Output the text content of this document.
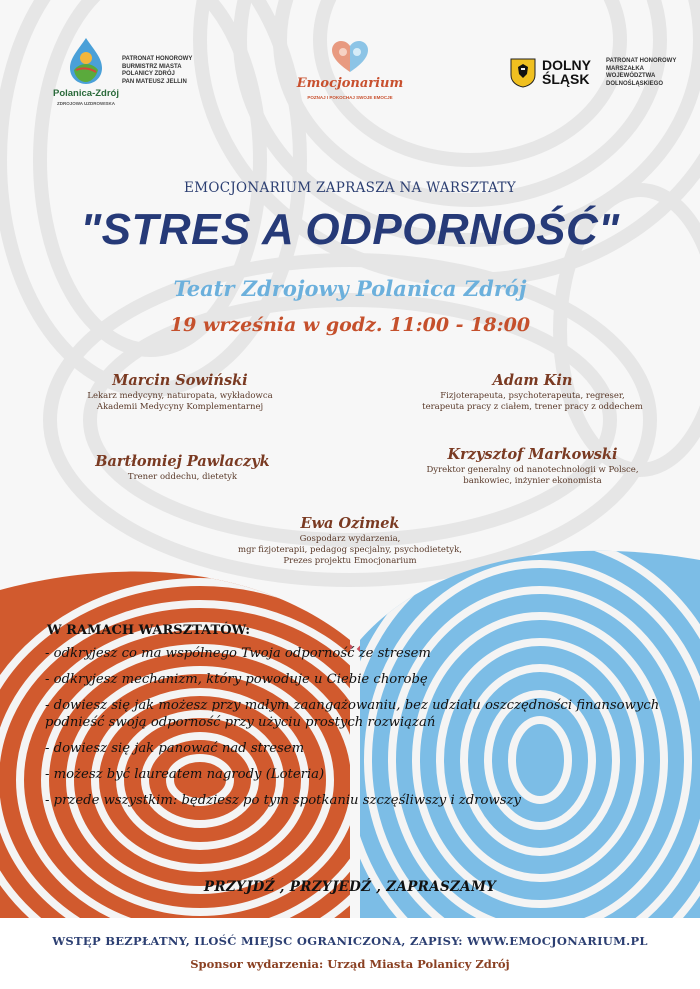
Polanica-Zdrój
ZDROJOWA UZDROWISKA
PATRONAT HONOROWY
BURMISTRZ MIASTA
POLANICY ZDRÓJ
PAN MATEUSZ JELLIN	Emocjonarium
POZNAJ I POKOCHAJ SWOJE EMOCJE
DOLNY
ŚLĄSK
PATRONAT HONOROWY
MARSZAŁKA
WOJEWÓDZTWA
DOLNOŚLĄSKIEGO
EMOCJONARIUM ZAPRASZA NA WARSZTATY
"STRES A ODPORNOŚĆ"
Teatr Zdrojowy Polanica Zdrój
19 września w godz. 11:00 - 18:00
Marcin Sowiński
Lekarz medycyny, naturopata, wykładowca
Akademii Medycyny Komplementarnej
Adam Kin
Fizjoterapeuta, psychoterapeuta, regreser,
terapeuta pracy z ciałem, trener pracy z oddechem
Bartłomiej Pawlaczyk
Trener oddechu, dietetyk
Krzysztof Markowski
Dyrektor generalny od nanotechnologii w Polsce,
bankowiec, inżynier ekonomista
Ewa Ozimek
Gospodarz wydarzenia,
mgr fizjoterapii, pedagog specjalny, psychodietetyk,
Prezes projektu Emocjonarium
W RAMACH WARSZTATÓW:
- odkryjesz co ma wspólnego Twoja odporność ze stresem
- odkryjesz mechanizm, który powoduje u Ciebie chorobę
- dowiesz się jak możesz przy małym zaangażowaniu, bez udziału oszczędności finansowych podnieść swoją odporność przy użyciu prostych rozwiązań
- dowiesz się jak panować nad stresem
- możesz być laureatem nagrody (Loteria)
- przede wszystkim: będziesz po tym spotkaniu szczęśliwszy i zdrowszy
PRZYJDŹ , PRZYJEDŹ , ZAPRASZAMY
WSTĘP BEZPŁATNY, ILOŚĆ MIEJSC OGRANICZONA, ZAPISY: WWW.EMOCJONARIUM.PL
Sponsor wydarzenia: Urząd Miasta Polanicy Zdrój
